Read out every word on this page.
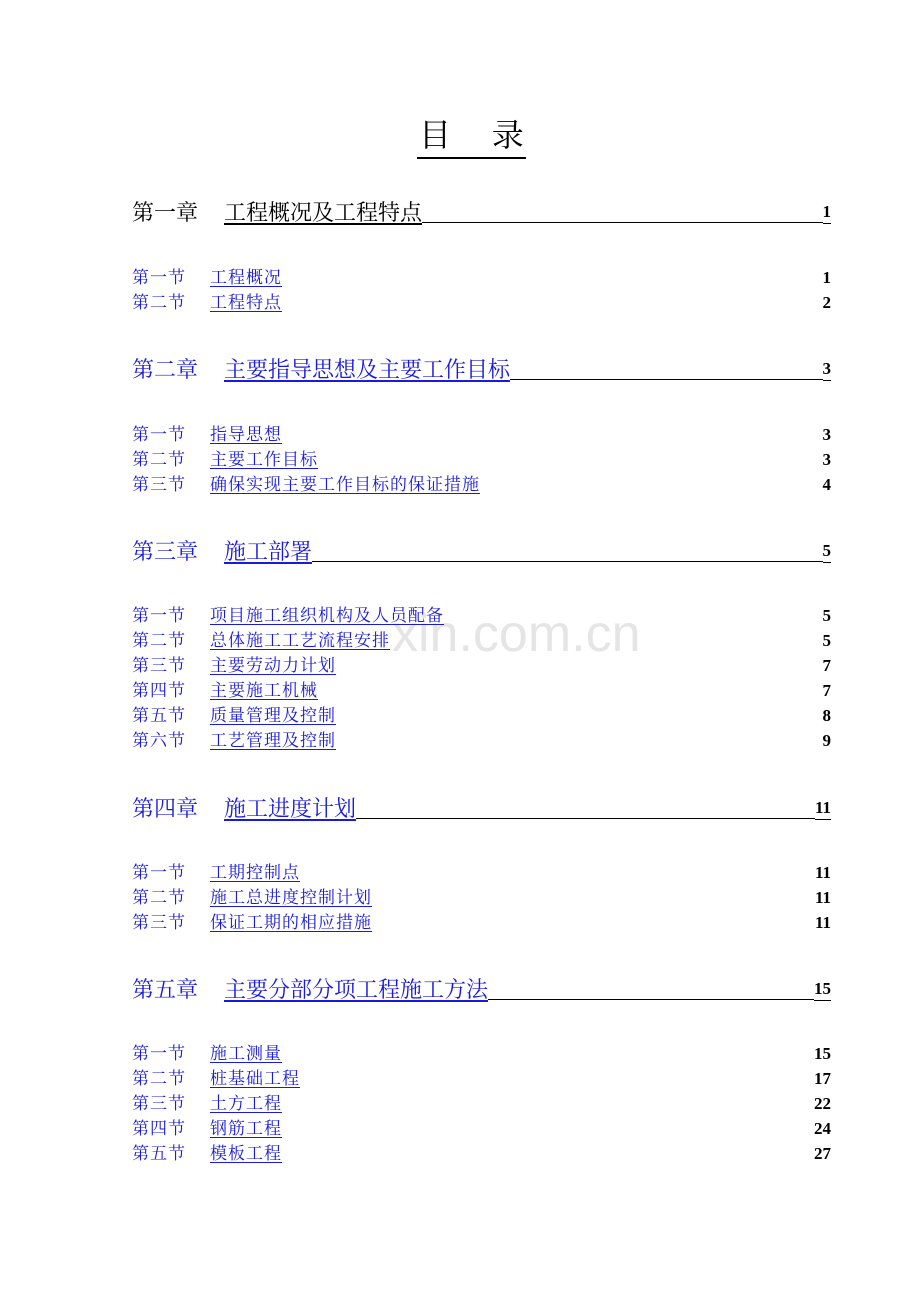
目    录
xin.com.cn
第一章 工程概况及工程特点	1
第一节 工程概况	1
第二节 工程特点	2
第二章 主要指导思想及主要工作目标	3
第一节 指导思想	3
第二节 主要工作目标	3
第三节 确保实现主要工作目标的保证措施	4
第三章 施工部署	5
第一节 项目施工组织机构及人员配备	5
第二节 总体施工工艺流程安排	5
第三节 主要劳动力计划	7
第四节 主要施工机械	7
第五节 质量管理及控制	8
第六节 工艺管理及控制	9
第四章 施工进度计划	11
第一节 工期控制点	11
第二节 施工总进度控制计划	11
第三节 保证工期的相应措施	11
第五章 主要分部分项工程施工方法	15
第一节 施工测量	15
第二节 桩基础工程	17
第三节 土方工程	22
第四节 钢筋工程	24
第五节 模板工程	27
